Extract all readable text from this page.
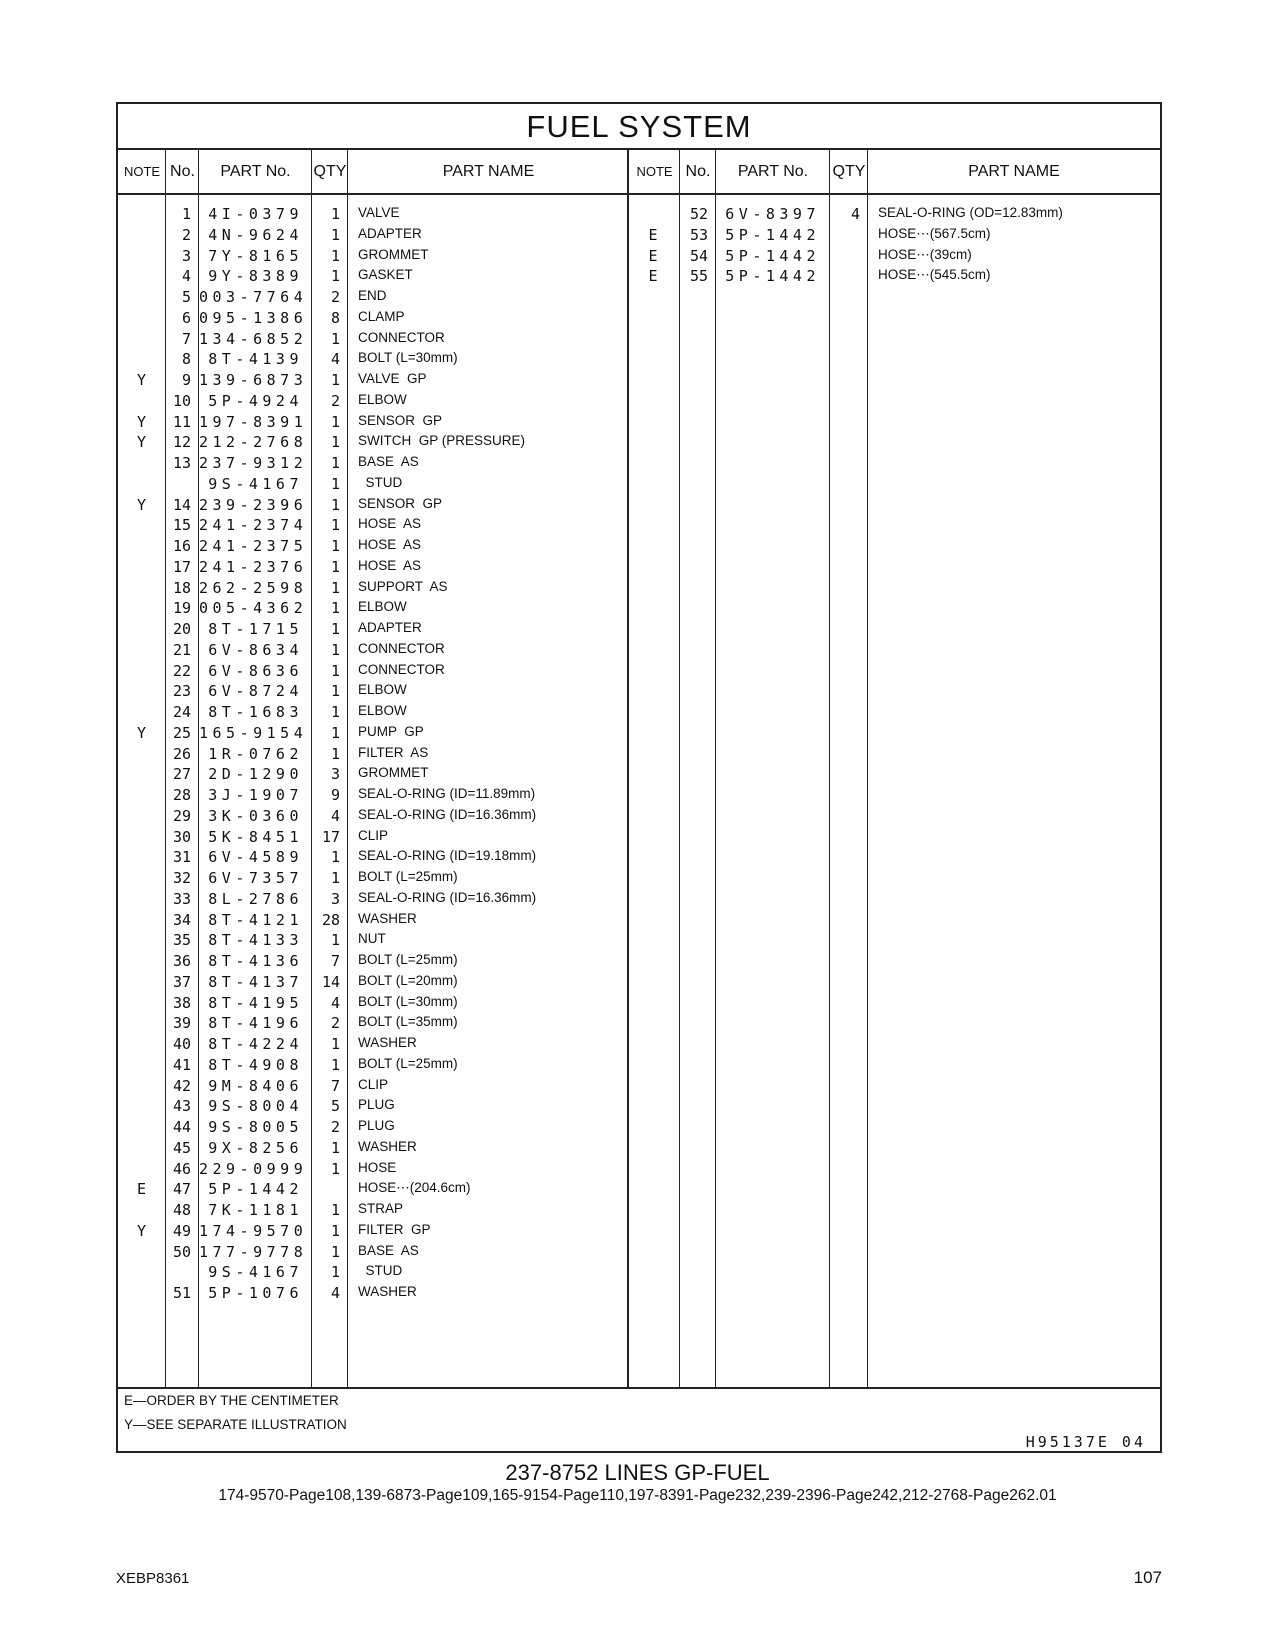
FUEL SYSTEM
NOTE No.	PART No.	QTY	PART NAME	NOTE No.	PART No.	QTY	PART NAME
1	4I-0379	1 VALVE
2	4N-9624	1 ADAPTER
3	7Y-8165	1 GROMMET
4	9Y-8389	1 GASKET
5 003-7764	2 END
6 095-1386	8 CLAMP
7 134-6852	1 CONNECTOR
8	8T-4139	4 BOLT (L=30mm)
Y	9 139-6873	1 VALVE  GP
10	5P-4924	2 ELBOW
Y	11 197-8391	1 SENSOR  GP
Y	12 212-2768	1 SWITCH  GP (PRESSURE)
13 237-9312	1 BASE  AS
9S-4167	1 STUD
Y	14 239-2396	1 SENSOR  GP
15 241-2374	1 HOSE  AS
16 241-2375	1 HOSE  AS
17 241-2376	1 HOSE  AS
18 262-2598	1 SUPPORT  AS
19 005-4362	1 ELBOW
20	8T-1715	1 ADAPTER
21	6V-8634	1 CONNECTOR
22	6V-8636	1 CONNECTOR
23	6V-8724	1 ELBOW
24	8T-1683	1 ELBOW
Y	25 165-9154	1 PUMP  GP
26	1R-0762	1 FILTER  AS
27	2D-1290	3 GROMMET
28	3J-1907	9 SEAL-O-RING (ID=11.89mm)
29	3K-0360	4 SEAL-O-RING (ID=16.36mm)
30	5K-8451	17 CLIP
31	6V-4589	1 SEAL-O-RING (ID=19.18mm)
32	6V-7357	1 BOLT (L=25mm)
33	8L-2786	3 SEAL-O-RING (ID=16.36mm)
34	8T-4121	28 WASHER
35	8T-4133	1 NUT
36	8T-4136	7 BOLT (L=25mm)
37	8T-4137	14 BOLT (L=20mm)
38	8T-4195	4 BOLT (L=30mm)
39	8T-4196	2 BOLT (L=35mm)
40	8T-4224	1 WASHER
41	8T-4908	1 BOLT (L=25mm)
42	9M-8406	7 CLIP
43	9S-8004	5 PLUG
44	9S-8005	2 PLUG
45	9X-8256	1 WASHER
46 229-0999	1 HOSE
E	47	5P-1442	HOSE⋯(204.6cm)
48	7K-1181	1 STRAP
Y	49 174-9570	1 FILTER  GP
50 177-9778	1 BASE  AS
9S-4167	1 STUD
51	5P-1076	4 WASHER
52	6V-8397	4 SEAL-O-RING (OD=12.83mm)
E	53	5P-1442	HOSE⋯(567.5cm)
E	54	5P-1442	HOSE⋯(39cm)
E	55	5P-1442	HOSE⋯(545.5cm)
E—ORDER BY THE CENTIMETER
Y—SEE SEPARATE ILLUSTRATION
H95137E 04
237-8752 LINES GP-FUEL
174-9570-Page108,139-6873-Page109,165-9154-Page110,197-8391-Page232,239-2396-Page242,212-2768-Page262.01
XEBP8361	107
